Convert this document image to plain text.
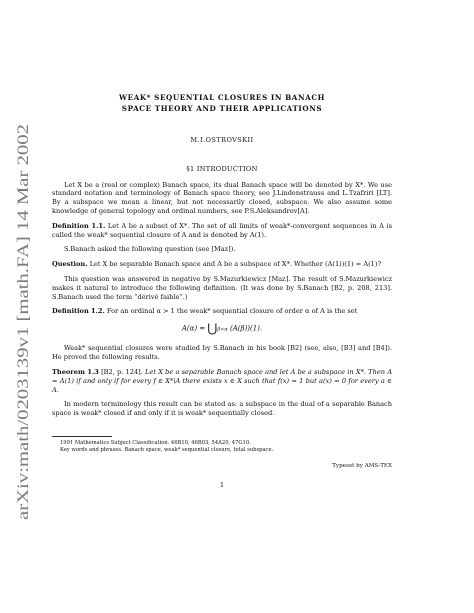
arXiv:math/0203139v1 [math.FA] 14 Mar 2002
WEAK* SEQUENTIAL CLOSURES IN BANACH
SPACE THEORY AND THEIR APPLICATIONS
M.I.OSTROVSKII
§1 INTRODUCTION

Let X be a (real or complex) Banach space, its dual Banach space will be denoted by X*. We use standard notation and terminology of Banach space theory, see J.Lindenstrauss and L.Tzafriri [LT]. By a subspace we mean a linear, but not necessarily closed, subspace. We also assume some knowledge of general topology and ordinal numbers, see P.S.Aleksandrov[A].

Definition 1.1. Let A be a subset of X*. The set of all limits of weak*-convergent sequences in A is called the weak* sequential closure of A and is denoted by A(1).

S.Banach asked the following question (see [Maz]).

Question. Let X be separable Banach space and A be a subspace of X*. Whether (A(1))(1) = A(1)?

This question was answered in negative by S.Mazurkiewicz [Maz]. The result of S.Mazurkiewicz makes it natural to introduce the following definition. (It was done by S.Banach [B2, p. 208, 213]. S.Banach used the term “dérivé faible”.)

Definition 1.2. For an ordinal α > 1 the weak* sequential closure of order α of A is the set

A(α) = ⋃β<α (A(β))(1).

Weak* sequential closures were studied by S.Banach in his book [B2] (see, also, [B3] and [B4]). He proved the following results.

Theorem 1.3 [B2, p. 124]. Let X be a separable Banach space and let A be a subspace in X*. Then A = A(1) if and only if for every f ∈ X*\A there exists x ∈ X such that f(x) = 1 but a(x) = 0 for every a ∈ A.

In modern terminology this result can be stated as: a subspace in the dual of a separable Banach space is weak* closed if and only if it is weak* sequentially closed.

1991 Mathematics Subject Classification. 46B10, 46B03, 54A20, 47G10.

Key words and phrases. Banach space, weak* sequential closure, total subspace.

Typeset by AMS-TEX
1
